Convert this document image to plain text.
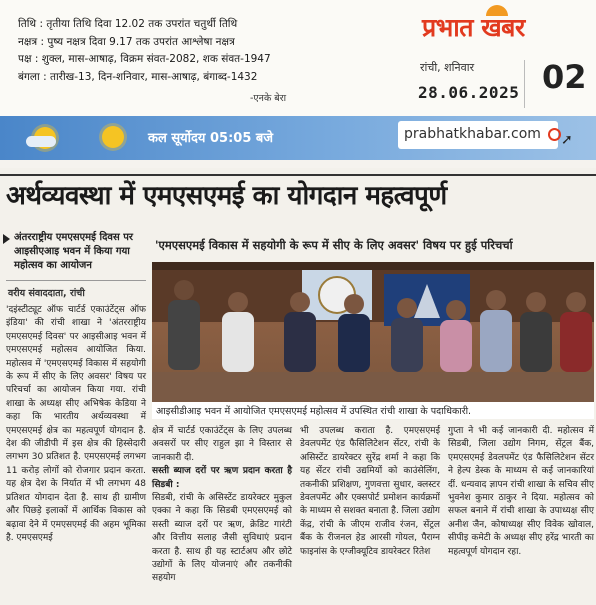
तिथि : तृतीया तिथि दिवा 12.02 तक उपरांत चतुर्थी तिथि
नक्षत्र : पुष्य नक्षत्र दिवा 9.17 तक उपरांत आश्लेषा नक्षत्र
पक्ष : शुक्ल, मास-आषाढ़, विक्रम संवत-2082, शक संवत-1947
बंगला : तारीख-13, दिन-शनिवार, मास-आषाढ़, बंगाब्द-1432
-एनके बेरा
प्रभात खबर
रांची, शनिवार
28.06.2025 02
कल सूर्योदय 05:05 बजे	prabhatkhabar.com ➚
अर्थव्यवस्था में एमएसएमई का योगदान महत्वपूर्ण
अंतरराष्ट्रीय एमएसएमई दिवस पर आइसीएआइ भवन में किया गया महोत्सव का आयोजन
वरीय संवाददाता, रांची
'दइंस्टीट्यूट ऑफ चार्टर्ड एकाउंटेंट्स ऑफ इंडिया' की रांची शाखा ने 'अंतरराष्ट्रीय एमएसएमई दिवस' पर आइसीआइ भवन में एमएसएमई महोत्सव आयोजित किया. महोत्सव में 'एमएसएमई विकास में सहयोगी के रूप में सीए के लिए अवसर' विषय पर परिचर्चा का आयोजन किया गया. रांची शाखा के अध्यक्ष सीए अभिषेक केडिया ने कहा कि भारतीय अर्थव्यवस्था में एमएसएमई क्षेत्र का महत्वपूर्ण योगदान है. देश की जीडीपी में इस क्षेत्र की हिस्सेदारी लगभग 30 प्रतिशत है. एमएसएमई लगभग 11 करोड़ लोगों को रोजगार प्रदान करता. यह क्षेत्र देश के निर्यात में भी लगभग 48 प्रतिशत योगदान देता है. साथ ही ग्रामीण और पिछड़े इलाकों में आर्थिक विकास को बढ़ावा देने में एमएसएमई की अहम भूमिका है. एमएसएमई
'एमएसएमई विकास में सहयोगी के रूप में सीए के लिए अवसर' विषय पर हुई परिचर्चा
आइसीडीआइ भवन में आयोजित एमएसएमई महोत्सव में उपस्थित रांची शाखा के पदाधिकारी.
क्षेत्र में चार्टर्ड एकाउंटेंट्स के लिए उपलब्ध अवसरों पर सीए राहुल झा ने विस्तार से जानकारी दी.
सस्ती ब्याज दरों पर ऋण प्रदान करता है सिडबी :
सिडबी, रांची के असिस्टेंट डायरेक्टर मुकुल एक्का ने कहा कि सिडबी एमएसएमई को सस्ती ब्याज दरों पर ऋण, क्रेडिट गारंटी और वित्तीय सलाह जैसी सुविधाएं प्रदान करता है. साथ ही यह स्टार्टअप और छोटे उद्योगों के लिए योजनाएं और तकनीकी सहयोग
भी उपलब्ध कराता है. एमएसएमई डेवलपमेंट एंड फैसिलिटेशन सेंटर, रांची के असिस्टेंट डायरेक्टर सुरेंद्र शर्मा ने कहा कि यह सेंटर रांची उद्यमियों को काउंसेलिंग, तकनीकी प्रशिक्षण, गुणवत्ता सुधार, क्लस्टर डेवलपमेंट और एक्सपोर्ट प्रमोशन कार्यक्रमों के माध्यम से सशक्त बनाता है. जिला उद्योग केंद्र, रांची के जीएम राजीव रंजन, सेंट्रल बैंक के रीजनल हेड आरसी गोयल, पैराग्न फाइनांस के एग्जीक्यूटिव डायरेक्टर रितेश
गुप्ता ने भी कई जानकारी दी. महोत्सव में सिडबी, जिला उद्योग निगम, सेंट्रल बैंक, एमएसएमई डेवलपमेंट एंड फैसिलिटेशन सेंटर ने हेल्प डेस्क के माध्यम से कई जानकारियां दीं. धन्यवाद ज्ञापन रांची शाखा के सचिव सीए भुवनेश कुमार ठाकुर ने दिया. महोत्सव को सफल बनाने में रांची शाखा के उपाध्यक्ष सीए अनीश जैन, कोषाध्यक्ष सीए विवेक खोवाल, सीपीइ कमेटी के अध्यक्ष सीए हरेंद्र भारती का महत्वपूर्ण योगदान रहा.
